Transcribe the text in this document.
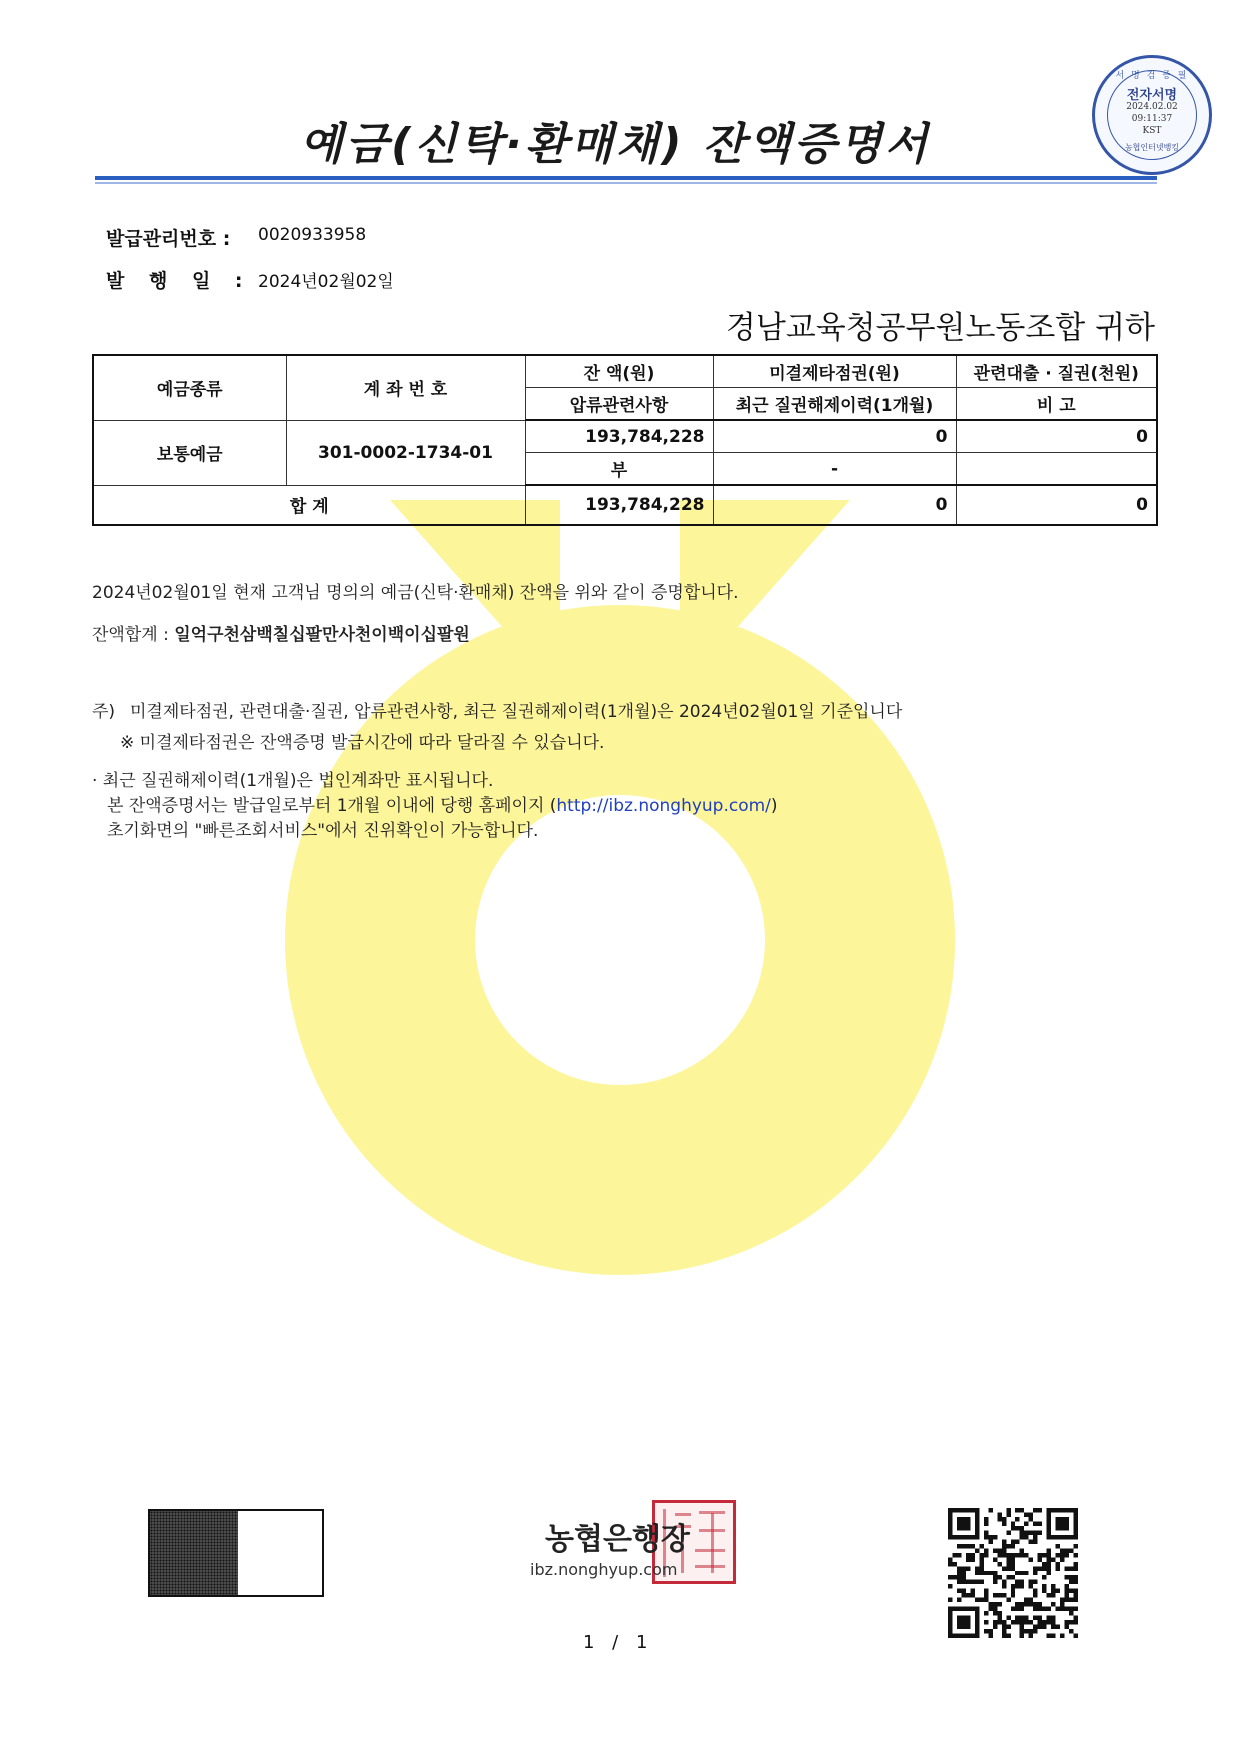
서 명 검 증 필
전자서명
2024.02.02
09:11:37
KST
농협인터넷뱅킹
예금(신탁·환매채) 잔액증명서
발급관리번호 : 0020933958
발 행 일 : 2024년02월02일
경남교육청공무원노동조합 귀하
예금종류	계 좌 번 호	잔 액(원)	미결제타점권(원)	관련대출 · 질권(천원)
		압류관련사항	최근 질권해제이력(1개월)	비 고
보통예금	301-0002-1734-01	193,784,228	0	0
		부	-	
합 계		193,784,228	0	0
2024년02월01일 현재 고객님 명의의 예금(신탁·환매채) 잔액을 위와 같이 증명합니다.
잔액합계 : 일억구천삼백칠십팔만사천이백이십팔원
주) 미결제타점권, 관련대출·질권, 압류관련사항, 최근 질권해제이력(1개월)은 2024년02월01일 기준입니다
※ 미결제타점권은 잔액증명 발급시간에 따라 달라질 수 있습니다.
· 최근 질권해제이력(1개월)은 법인계좌만 표시됩니다.
본 잔액증명서는 발급일로부터 1개월 이내에 당행 홈페이지 (http://ibz.nonghyup.com/)
초기화면의 "빠른조회서비스"에서 진위확인이 가능합니다.
농협은행장
ibz.nonghyup.com
1 / 1
